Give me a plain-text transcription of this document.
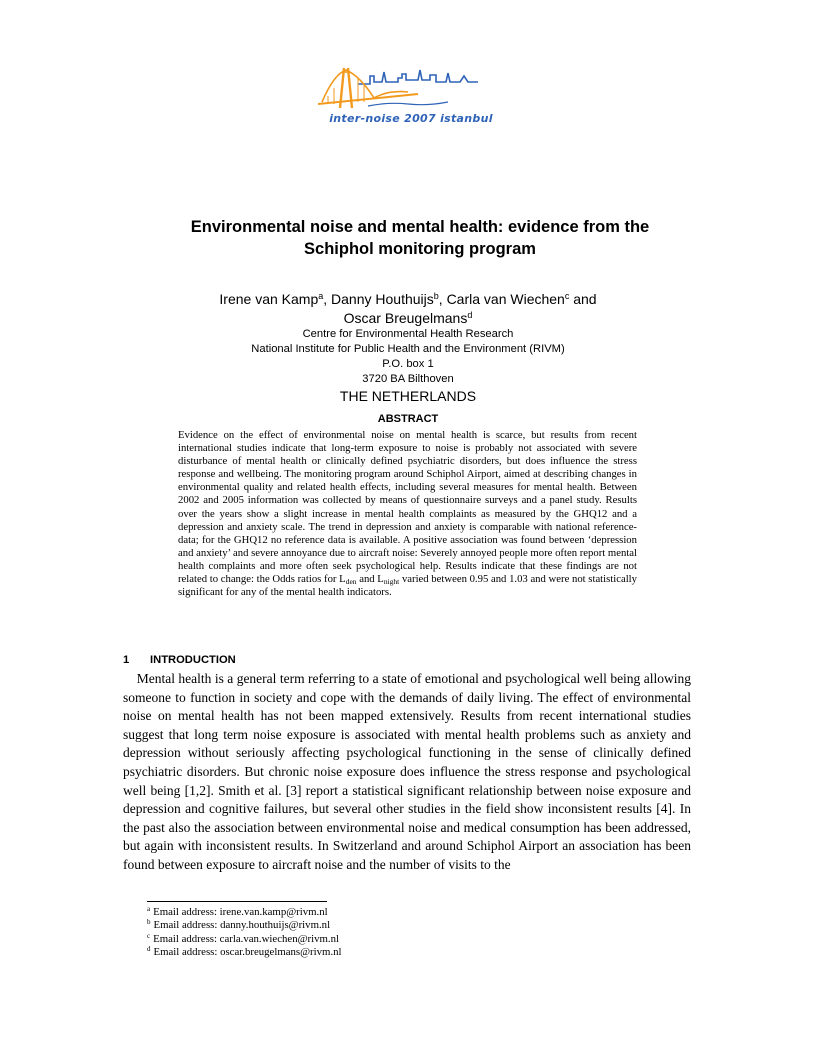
inter-noise 2007 istanbul
Environmental noise and mental health: evidence from the
Schiphol monitoring program
Irene van Kamp$^a$, Danny Houthuijs$^b$, Carla van Wiechen$^c$ and
Oscar Breugelmans$^d$
Centre for Environmental Health Research
National Institute for Public Health and the Environment (RIVM)
P.O. box 1
3720 BA Bilthoven
THE NETHERLANDS
ABSTRACT
Evidence on the effect of environmental noise on mental health is scarce, but results from recent international studies indicate that long-term exposure to noise is probably not associated with severe disturbance of mental health or clinically defined psychiatric disorders, but does influence the stress response and wellbeing. The monitoring program around Schiphol Airport, aimed at describing changes in environmental quality and related health effects, including several measures for mental health. Between 2002 and 2005 information was collected by means of questionnaire surveys and a panel study. Results over the years show a slight increase in mental health complaints as measured by the GHQ12 and a depression and anxiety scale. The trend in depression and anxiety is comparable with national reference-data; for the GHQ12 no reference data is available. A positive association was found between ‘depression and anxiety’ and severe annoyance due to aircraft noise: Severely annoyed people more often report mental health complaints and more often seek psychological help. Results indicate that these findings are not related to change: the Odds ratios for $L_{den}$ and $L_{night}$ varied between 0.95 and 1.03 and were not statistically significant for any of the mental health indicators.
1 INTRODUCTION
Mental health is a general term referring to a state of emotional and psychological well being allowing someone to function in society and cope with the demands of daily living. The effect of environmental noise on mental health has not been mapped extensively. Results from recent international studies suggest that long term noise exposure is associated with mental health problems such as anxiety and depression without seriously affecting psychological functioning in the sense of clinically defined psychiatric disorders. But chronic noise exposure does influence the stress response and psychological well being [1,2]. Smith et al. [3] report a statistical significant relationship between noise exposure and depression and cognitive failures, but several other studies in the field show inconsistent results [4]. In the past also the association between environmental noise and medical consumption has been addressed, but again with inconsistent results. In Switzerland and around Schiphol Airport an association has been found between exposure to aircraft noise and the number of visits to the
$^a$ Email address: irene.van.kamp@rivm.nl
$^b$ Email address: danny.houthuijs@rivm.nl
$^c$ Email address: carla.van.wiechen@rivm.nl
$^d$ Email address: oscar.breugelmans@rivm.nl
